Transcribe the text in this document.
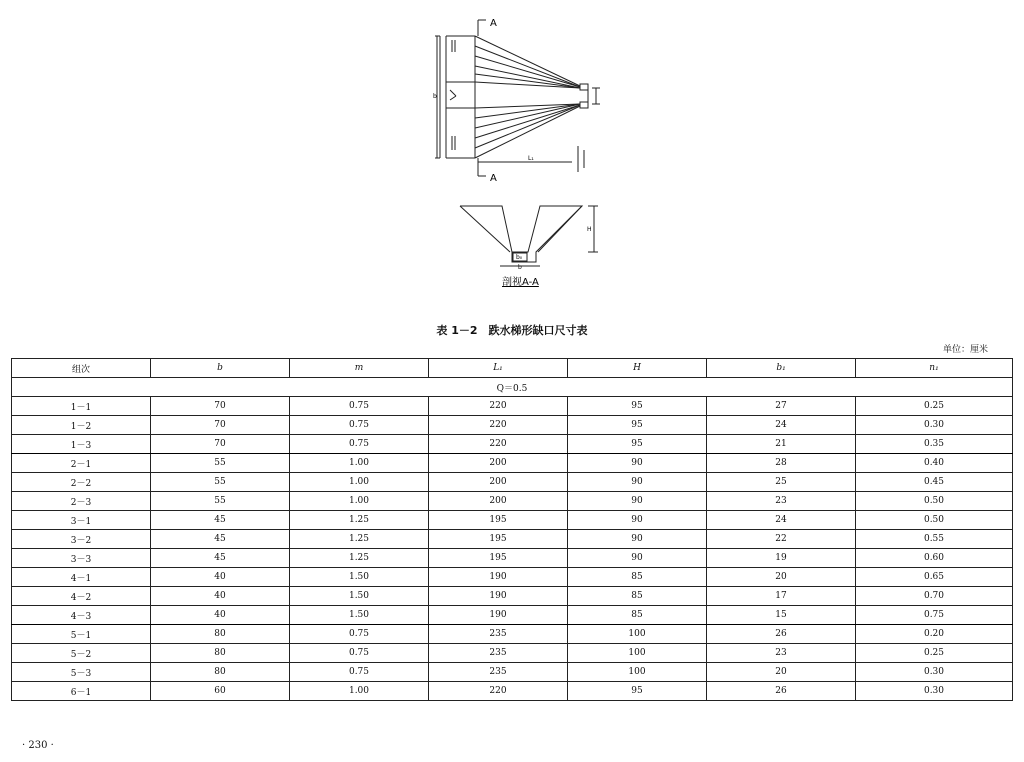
A
A
b
L₁
H
b₀
b
剖视A-A
表 1－2　跌水梯形缺口尺寸表
单位：厘米
组次	b	m	L₁	H	b₁	n₁
Q＝0.5						
1－1	70	0.75	220	95	27	0.25
1－2	70	0.75	220	95	24	0.30
1－3	70	0.75	220	95	21	0.35
2－1	55	1.00	200	90	28	0.40
2－2	55	1.00	200	90	25	0.45
2－3	55	1.00	200	90	23	0.50
3－1	45	1.25	195	90	24	0.50
3－2	45	1.25	195	90	22	0.55
3－3	45	1.25	195	90	19	0.60
4－1	40	1.50	190	85	20	0.65
4－2	40	1.50	190	85	17	0.70
4－3	40	1.50	190	85	15	0.75
5－1	80	0.75	235	100	26	0.20
5－2	80	0.75	235	100	23	0.25
5－3	80	0.75	235	100	20	0.30
6－1	60	1.00	220	95	26	0.30
· 230 ·
